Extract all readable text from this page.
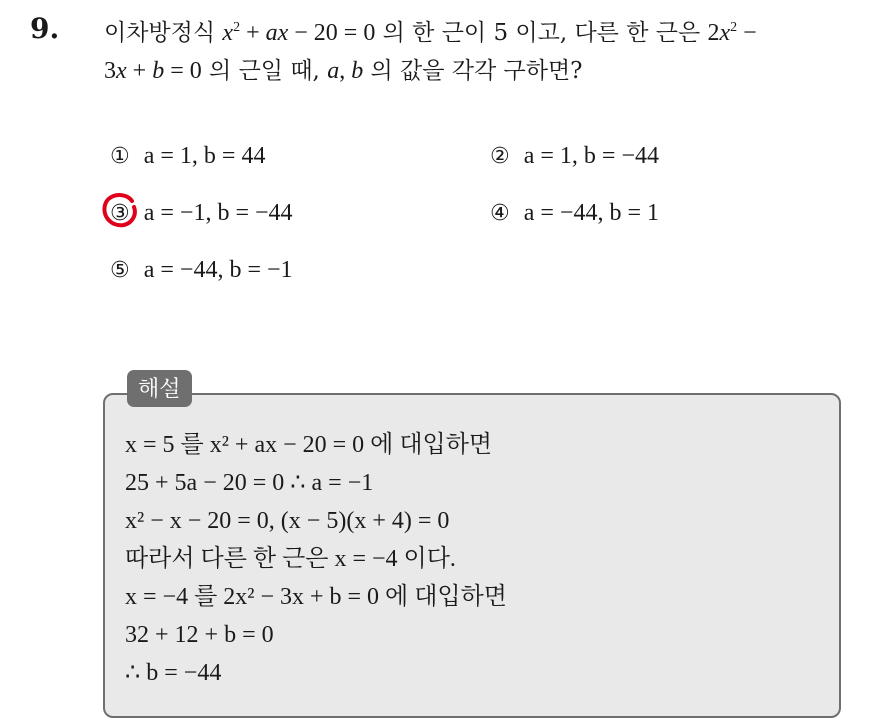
9. 이차방정식 $x^2$ + ax − 20 = 0 의 한 근이 5 이고, 다른 한 근은 $2x^2$ −
3x + b = 0 의 근일 때, a, b 의 값을 각각 구하면?
① a = 1, b = 44	② a = 1, b = −44
③ a = −1, b = −44	④ a = −44, b = 1
⑤ a = −44, b = −1
해설
x = 5 를 x² + ax − 20 = 0 에 대입하면
25 + 5a − 20 = 0 ∴ a = −1
x² − x − 20 = 0, (x − 5)(x + 4) = 0
따라서 다른 한 근은 x = −4 이다.
x = −4 를 2x² − 3x + b = 0 에 대입하면
32 + 12 + b = 0
∴ b = −44
